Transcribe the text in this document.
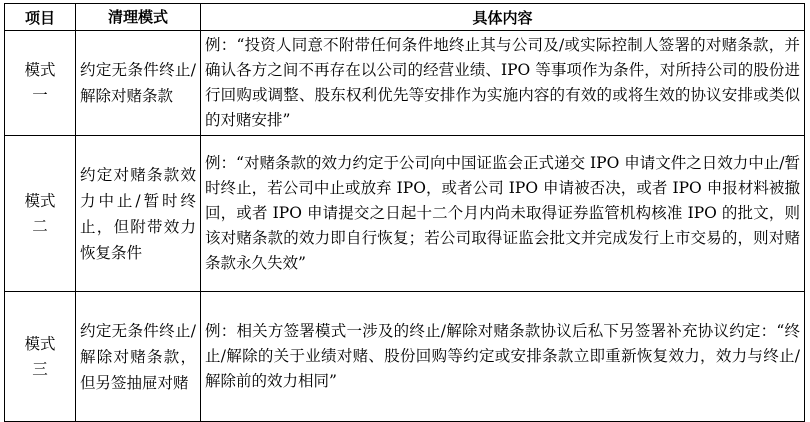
项目	清理模式	具体内容

模式
一	约定无条件终止/解除对赌条款	例：“投资人同意不附带任何条件地终止其与公司及/或实际控制人签署的对赌条款，并确认各方之间不再存在以公司的经营业绩、IPO 等事项作为条件，对所持公司的股份进行回购或调整、股东权利优先等安排作为实施内容的有效的或将生效的协议安排或类似的对赌安排”

模式
二	约定对赌条款效力中止/暂时终止，但附带效力恢复条件	例：“对赌条款的效力约定于公司向中国证监会正式递交 IPO 申请文件之日效力中止/暂时终止，若公司中止或放弃 IPO，或者公司 IPO 申请被否决，或者 IPO 申报材料被撤回，或者 IPO 申请提交之日起十二个月内尚未取得证券监管机构核准 IPO 的批文，则该对赌条款的效力即自行恢复；若公司取得证监会批文并完成发行上市交易的，则对赌条款永久失效”

模式
三	约定无条件终止/解除对赌条款，但另签抽屉对赌	例：相关方签署模式一涉及的终止/解除对赌条款协议后私下另签署补充协议约定：“终止/解除的关于业绩对赌、股份回购等约定或安排条款立即重新恢复效力，效力与终止/解除前的效力相同”
